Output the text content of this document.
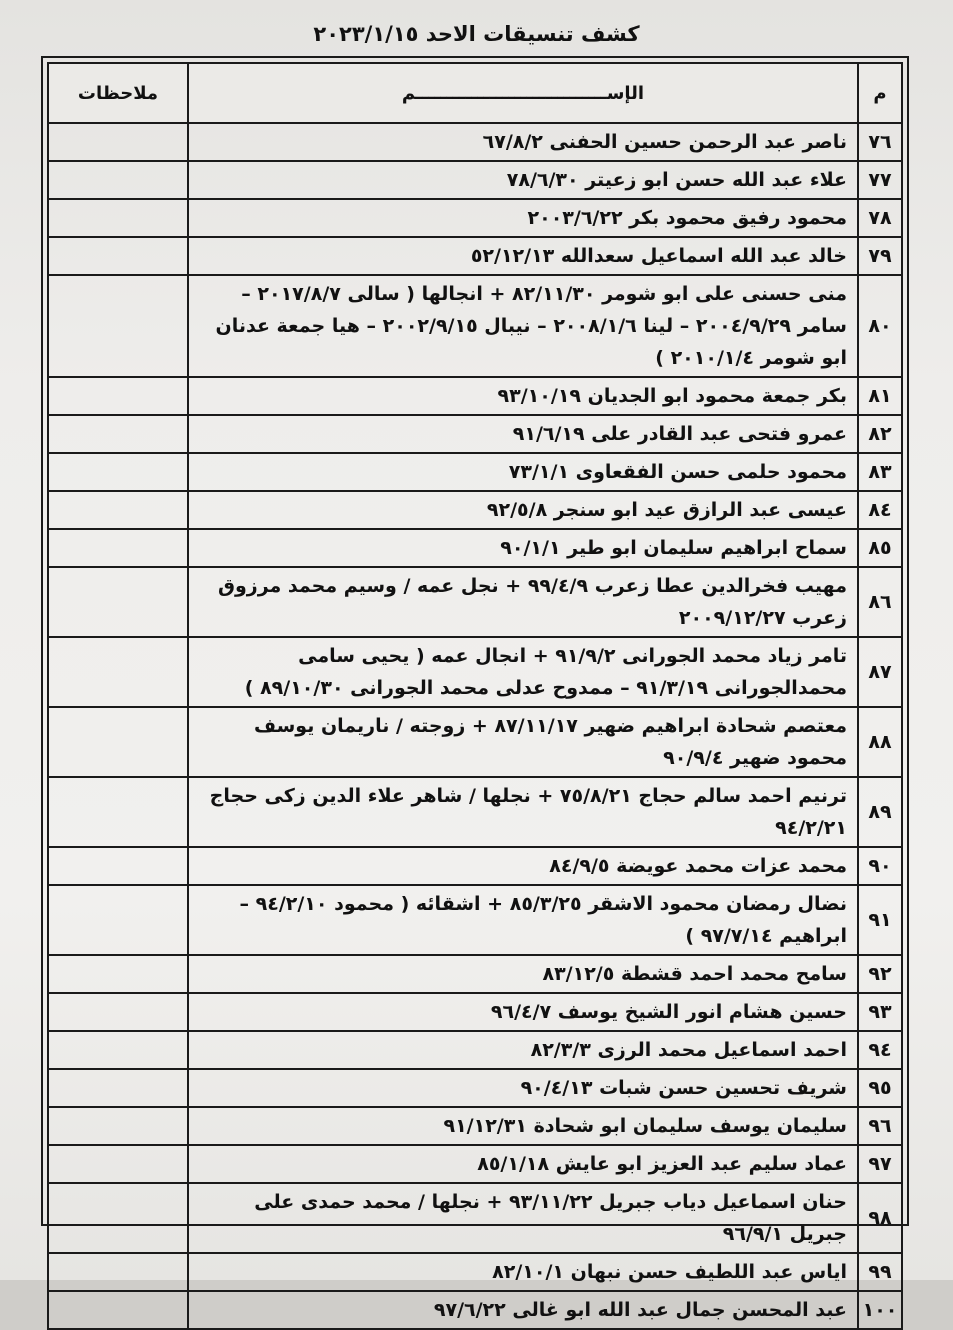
كشف تنسيقات الاحد ٢٠٢٣/١/١٥
م	الإســـــــــــــــــــــــــــــــم	ملاحظات
٧٦	ناصر عبد الرحمن حسين الحفنى ٦٧/٨/٢	
٧٧	علاء عبد الله حسن ابو زعيتر ٧٨/٦/٣٠	
٧٨	محمود رفيق محمود بكر ٢٠٠٣/٦/٢٢	
٧٩	خالد عبد الله اسماعيل سعدالله ٥٢/١٢/١٣	
٨٠	منى حسنى على ابو شومر ٨٢/١١/٣٠ + انجالها ( سالى ٢٠١٧/٨/٧ – سامر ٢٠٠٤/٩/٢٩ – لينا ٢٠٠٨/١/٦ – نيبال ٢٠٠٢/٩/١٥ – هيا جمعة عدنان ابو شومر ٢٠١٠/١/٤ )	
٨١	بكر جمعة محمود ابو الجديان ٩٣/١٠/١٩	
٨٢	عمرو فتحى عبد القادر على ٩١/٦/١٩	
٨٣	محمود حلمى حسن الفقعاوى ٧٣/١/١	
٨٤	عيسى عبد الرازق عيد ابو سنجر ٩٢/٥/٨	
٨٥	سماح ابراهيم سليمان ابو طير ٩٠/١/١	
٨٦	مهيب فخرالدين عطا زعرب ٩٩/٤/٩ + نجل عمه / وسيم محمد مرزوق زعرب ٢٠٠٩/١٢/٢٧	
٨٧	تامر زياد محمد الجورانى ٩١/٩/٢ + انجال عمه ( يحيى سامى محمدالجورانى ٩١/٣/١٩ – ممدوح عدلى محمد الجورانى ٨٩/١٠/٣٠ )	
٨٨	معتصم شحادة ابراهيم ضهير ٨٧/١١/١٧ + زوجته / ناريمان يوسف محمود ضهير ٩٠/٩/٤	
٨٩	ترنيم احمد سالم حجاج ٧٥/٨/٢١ + نجلها / شاهر علاء الدين زكى حجاج ٩٤/٢/٢١	
٩٠	محمد عزات محمد عويضة ٨٤/٩/٥	
٩١	نضال رمضان محمود الاشقر ٨٥/٣/٢٥ + اشقائه ( محمود ٩٤/٢/١٠ – ابراهيم ٩٧/٧/١٤ )	
٩٢	سامح محمد احمد قشطة ٨٣/١٢/٥	
٩٣	حسين هشام انور الشيخ يوسف ٩٦/٤/٧	
٩٤	احمد اسماعيل محمد الرزى ٨٢/٣/٣	
٩٥	شريف تحسين حسن شبات ٩٠/٤/١٣	
٩٦	سليمان يوسف سليمان ابو شحادة ٩١/١٢/٣١	
٩٧	عماد سليم عبد العزيز ابو عايش ٨٥/١/١٨	
٩٨	حنان اسماعيل دياب جبريل ٩٣/١١/٢٢ + نجلها / محمد حمدى على جبريل ٩٦/٩/١	
٩٩	اياس عبد اللطيف حسن نبهان ٨٢/١٠/١	
١٠٠	عبد المحسن جمال عبد الله ابو غالى ٩٧/٦/٢٢	
